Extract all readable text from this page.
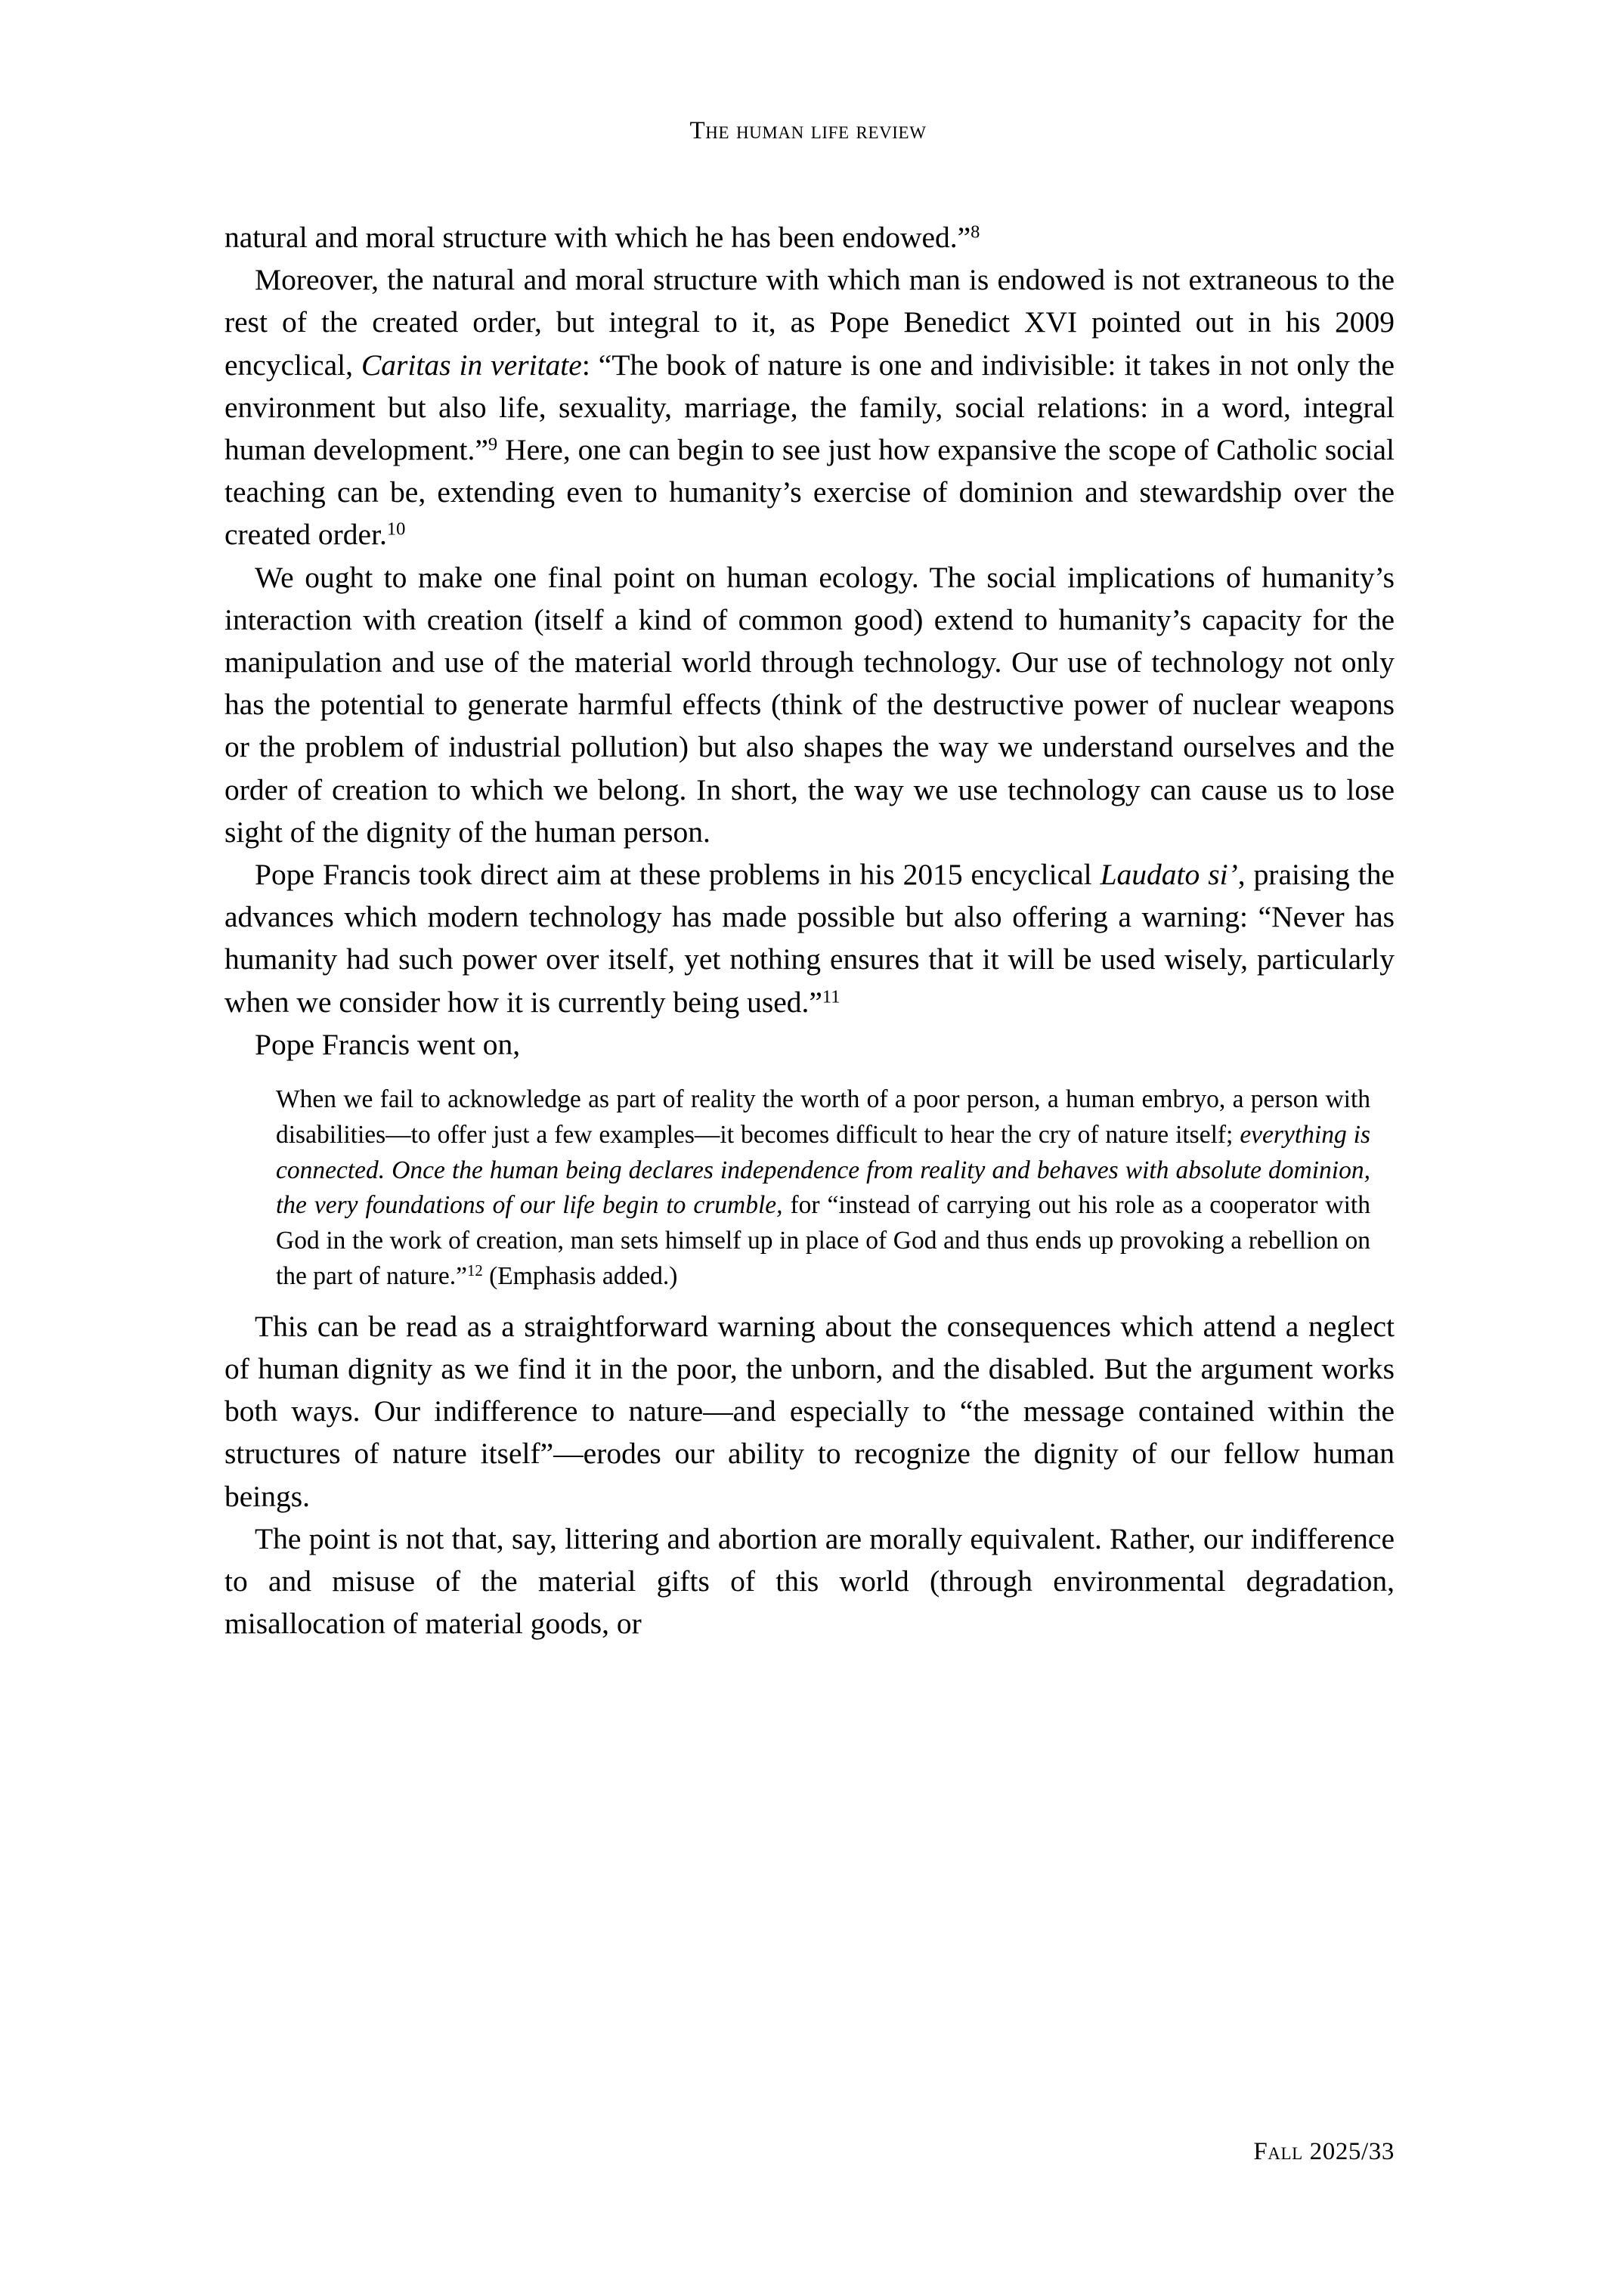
The human life review

natural and moral structure with which he has been endowed.”$^8$

Moreover, the natural and moral structure with which man is endowed is not extraneous to the rest of the created order, but integral to it, as Pope Benedict XVI pointed out in his 2009 encyclical, Caritas in veritate: “The book of nature is one and indivisible: it takes in not only the environment but also life, sexuality, marriage, the family, social relations: in a word, integral human development.”$^9$ Here, one can begin to see just how expansive the scope of Catholic social teaching can be, extending even to humanity’s exercise of dominion and stewardship over the created order.$^{10}$

We ought to make one final point on human ecology. The social implications of humanity’s interaction with creation (itself a kind of common good) extend to humanity’s capacity for the manipulation and use of the material world through technology. Our use of technology not only has the potential to generate harmful effects (think of the destructive power of nuclear weapons or the problem of industrial pollution) but also shapes the way we understand ourselves and the order of creation to which we belong. In short, the way we use technology can cause us to lose sight of the dignity of the human person.

Pope Francis took direct aim at these problems in his 2015 encyclical Laudato si’, praising the advances which modern technology has made possible but also offering a warning: “Never has humanity had such power over itself, yet nothing ensures that it will be used wisely, particularly when we consider how it is currently being used.”$^{11}$

Pope Francis went on,

When we fail to acknowledge as part of reality the worth of a poor person, a human embryo, a person with disabilities—to offer just a few examples—it becomes difficult to hear the cry of nature itself; everything is connected. Once the human being declares independence from reality and behaves with absolute dominion, the very foundations of our life begin to crumble, for “instead of carrying out his role as a cooperator with God in the work of creation, man sets himself up in place of God and thus ends up provoking a rebellion on the part of nature.”$^{12}$ (Emphasis added.)

This can be read as a straightforward warning about the consequences which attend a neglect of human dignity as we find it in the poor, the unborn, and the disabled. But the argument works both ways. Our indifference to nature—and especially to “the message contained within the structures of nature itself”—erodes our ability to recognize the dignity of our fellow human beings.

The point is not that, say, littering and abortion are morally equivalent. Rather, our indifference to and misuse of the material gifts of this world (through environmental degradation, misallocation of material goods, or

Fall 2025/33
